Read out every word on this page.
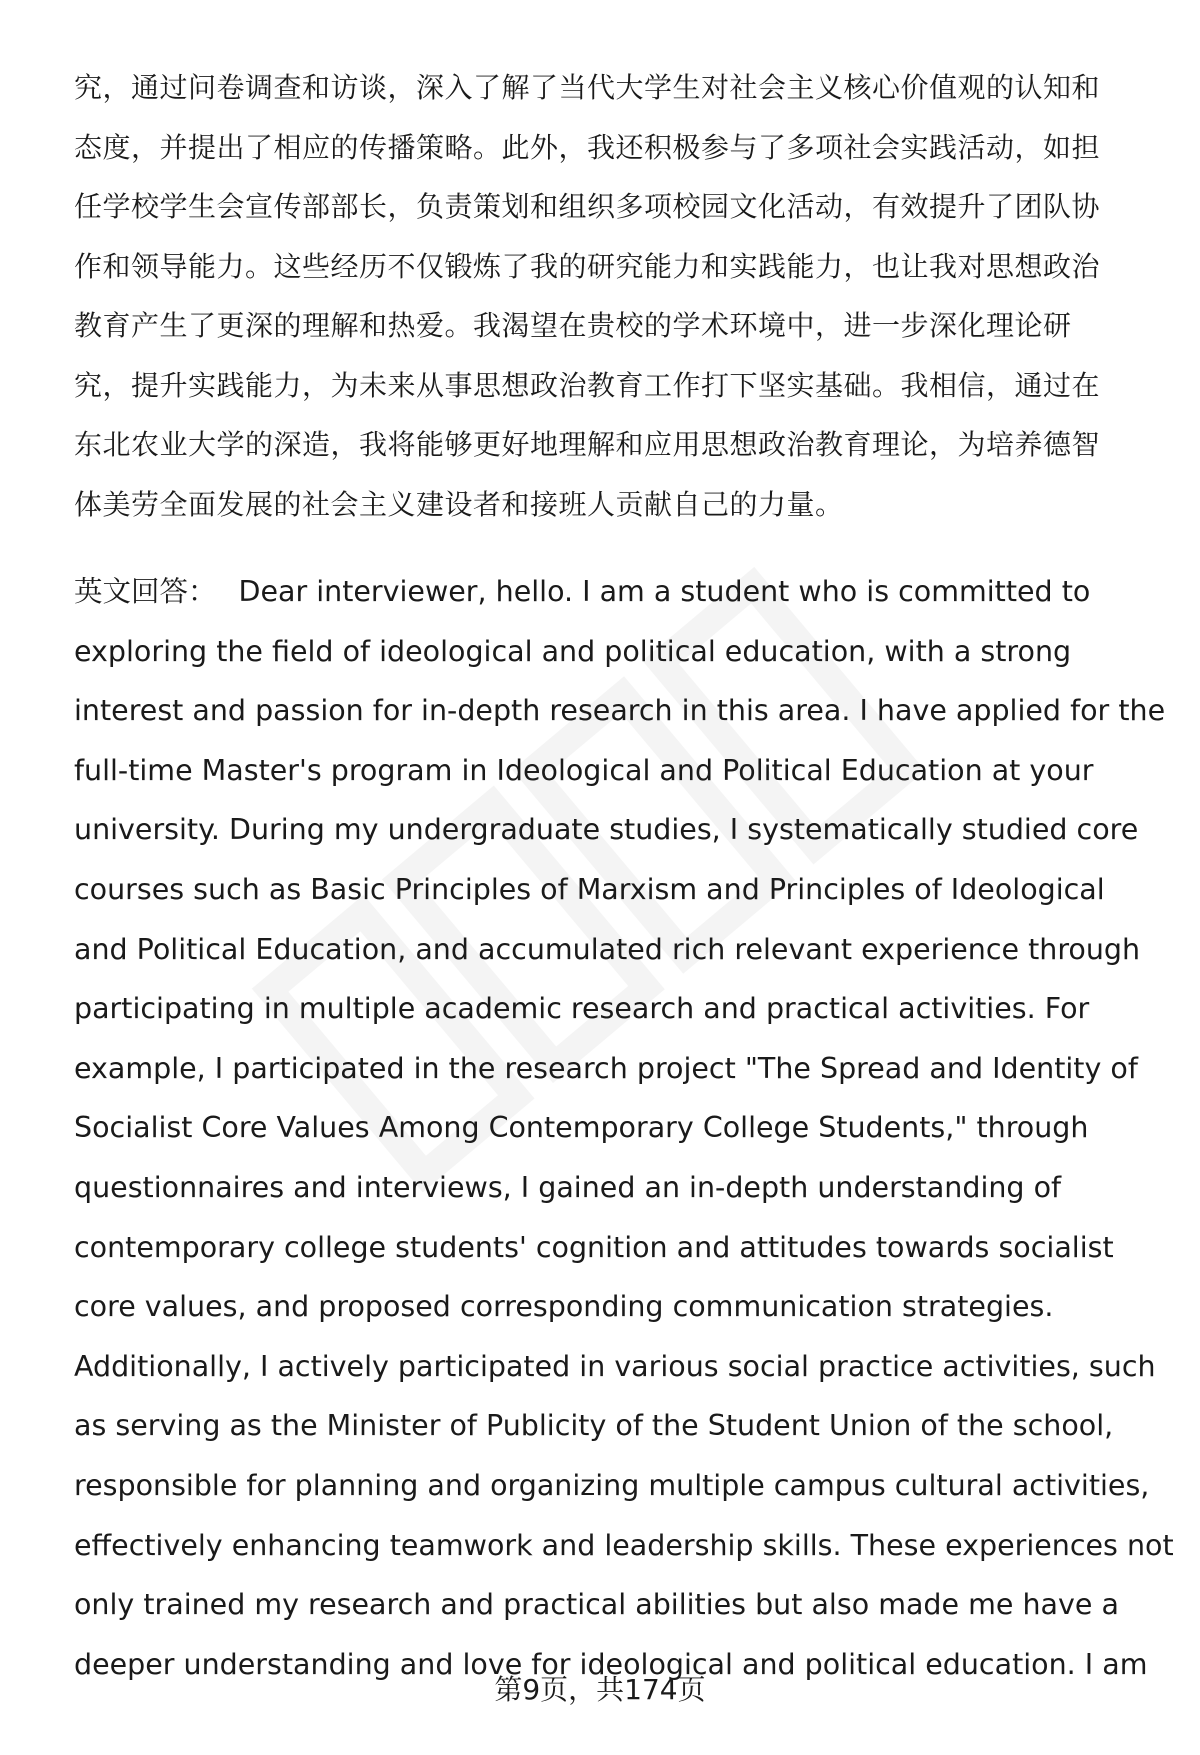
究，通过问卷调查和访谈，深入了解了当代大学生对社会主义核心价值观的认知和
态度，并提出了相应的传播策略。此外，我还积极参与了多项社会实践活动，如担
任学校学生会宣传部部长，负责策划和组织多项校园文化活动，有效提升了团队协
作和领导能力。这些经历不仅锻炼了我的研究能力和实践能力，也让我对思想政治
教育产生了更深的理解和热爱。我渴望在贵校的学术环境中，进一步深化理论研
究，提升实践能力，为未来从事思想政治教育工作打下坚实基础。我相信，通过在
东北农业大学的深造，我将能够更好地理解和应用思想政治教育理论，为培养德智
体美劳全面发展的社会主义建设者和接班人贡献自己的力量。
英文回答： Dear interviewer, hello. I am a student who is committed to
exploring the field of ideological and political education, with a strong
interest and passion for in-depth research in this area. I have applied for the
full-time Master's program in Ideological and Political Education at your
university. During my undergraduate studies, I systematically studied core
courses such as Basic Principles of Marxism and Principles of Ideological
and Political Education, and accumulated rich relevant experience through
participating in multiple academic research and practical activities. For
example, I participated in the research project "The Spread and Identity of
Socialist Core Values Among Contemporary College Students," through
questionnaires and interviews, I gained an in-depth understanding of
contemporary college students' cognition and attitudes towards socialist
core values, and proposed corresponding communication strategies.
Additionally, I actively participated in various social practice activities, such
as serving as the Minister of Publicity of the Student Union of the school,
responsible for planning and organizing multiple campus cultural activities,
effectively enhancing teamwork and leadership skills. These experiences not
only trained my research and practical abilities but also made me have a
deeper understanding and love for ideological and political education. I am
第9页，共174页
